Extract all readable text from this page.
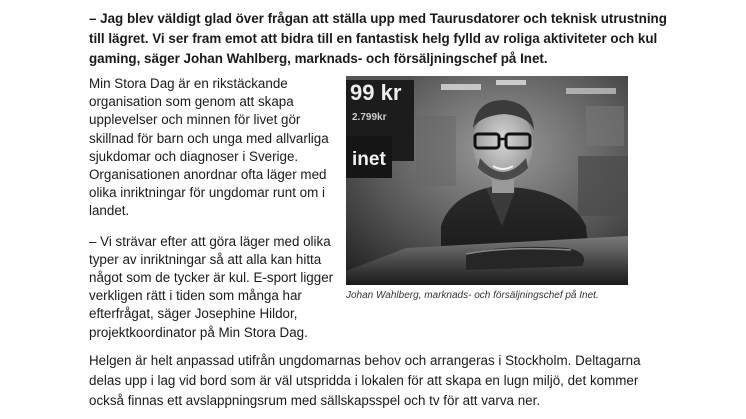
– Jag blev väldigt glad över frågan att ställa upp med Taurusdatorer och teknisk utrustning till lägret. Vi ser fram emot att bidra till en fantastisk helg fylld av roliga aktiviteter och kul gaming, säger Johan Wahlberg, marknads- och försäljningschef på Inet.

Min Stora Dag är en rikstäckande organisation som genom att skapa upplevelser och minnen för livet gör skillnad för barn och unga med allvarliga sjukdomar och diagnoser i Sverige. Organisationen anordnar ofta läger med olika inriktningar för ungdomar runt om i landet.

– Vi strävar efter att göra läger med olika typer av inriktningar så att alla kan hitta något som de tycker är kul. E-sport ligger verkligen rätt i tiden som många har efterfrågat, säger Josephine Hildor, projektkoordinator på Min Stora Dag.

99 kr
2.799kr
inet

Johan Wahlberg, marknads- och försäljningschef på Inet.

Helgen är helt anpassad utifrån ungdomarnas behov och arrangeras i Stockholm. Deltagarna delas upp i lag vid bord som är väl utspridda i lokalen för att skapa en lugn miljö, det kommer också finnas ett avslappningsrum med sällskapsspel och tv för att varva ner.
